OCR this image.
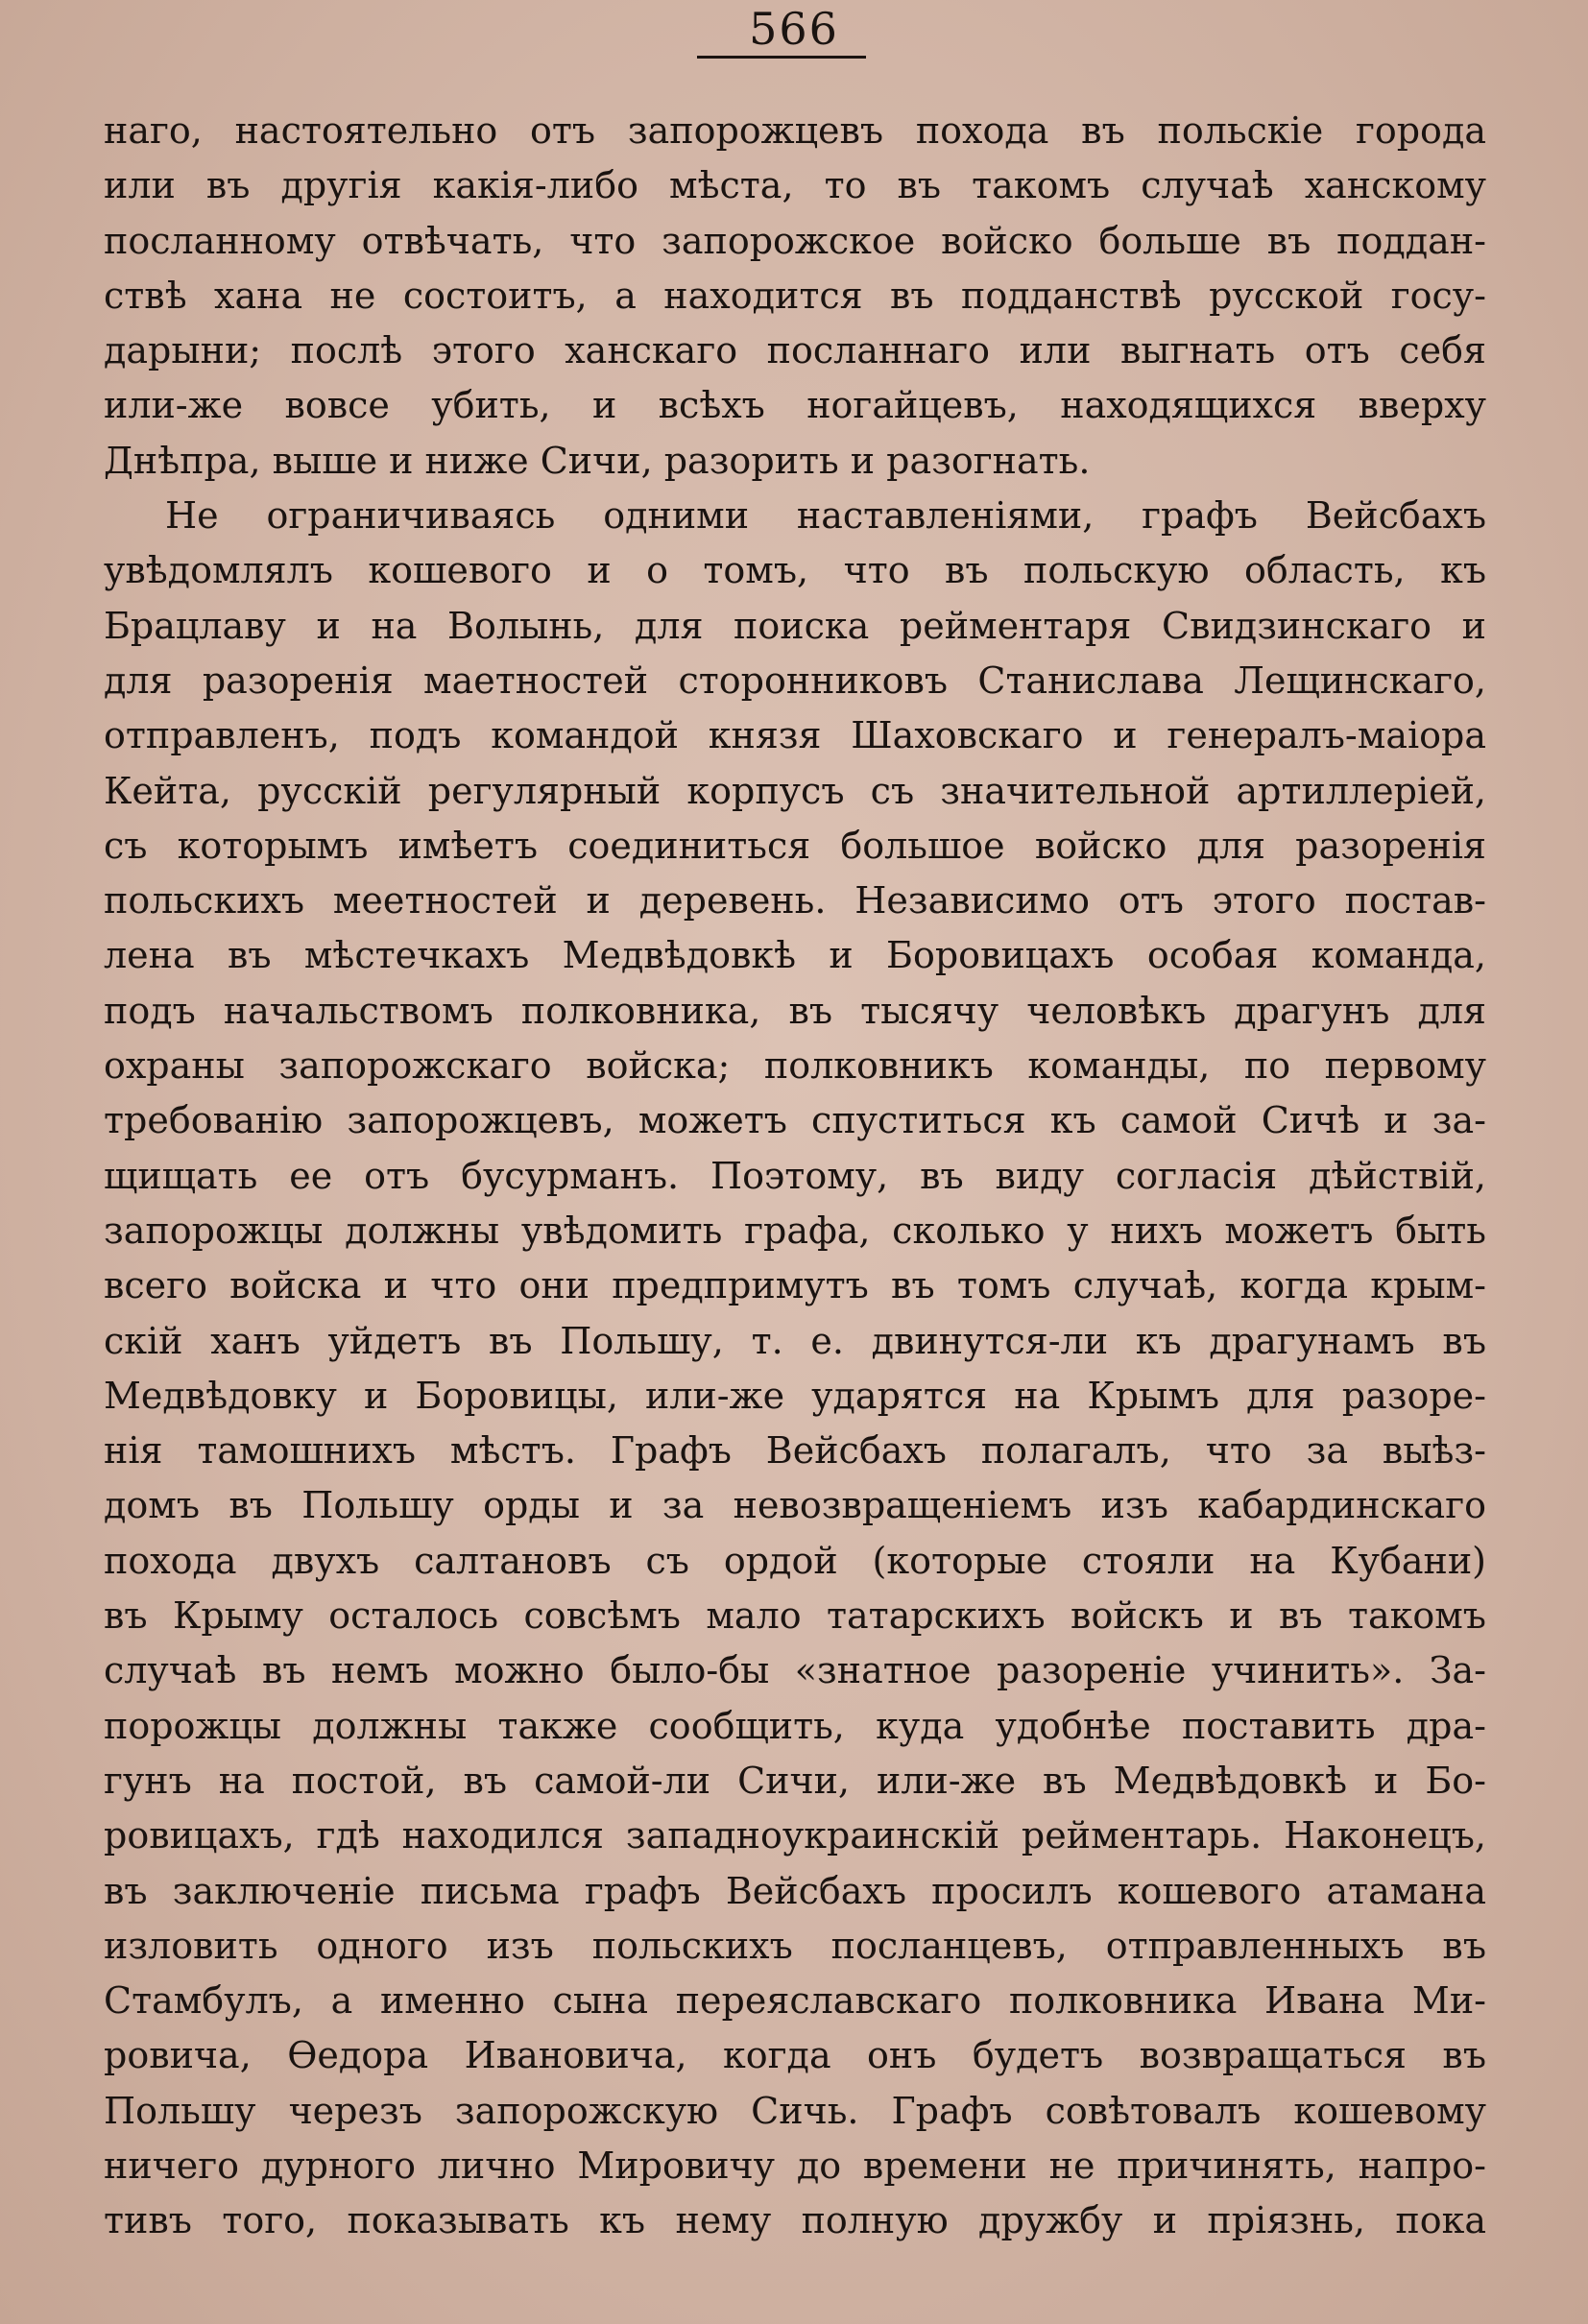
566
наго, настоятельно отъ запорожцевъ похода въ польскіе города
или въ другія какія-либо мѣста, то въ такомъ случаѣ ханскому
посланному отвѣчать, что запорожское войско больше въ поддан-
ствѣ хана не состоитъ, а находится въ подданствѣ русской госу-
дарыни; послѣ этого ханскаго посланнаго или выгнать отъ себя
или-же вовсе убить, и всѣхъ ногайцевъ, находящихся вверху
Днѣпра, выше и ниже Сичи, разорить и разогнать.
Не ограничиваясь одними наставленіями, графъ Вейсбахъ
увѣдомлялъ кошевого и о томъ, что въ польскую область, къ
Брацлаву и на Волынь, для поиска рейментаря Свидзинскаго и
для разоренія маетностей сторонниковъ Станислава Лещинскаго,
отправленъ, подъ командой князя Шаховскаго и генералъ-маіора
Кейта, русскій регулярный корпусъ съ значительной артиллеріей,
съ которымъ имѣетъ соединиться большое войско для разоренія
польскихъ меетностей и деревень. Независимо отъ этого постав-
лена въ мѣстечкахъ Медвѣдовкѣ и Боровицахъ особая команда,
подъ начальствомъ полковника, въ тысячу человѣкъ драгунъ для
охраны запорожскаго войска; полковникъ команды, по первому
требованію запорожцевъ, можетъ спуститься къ самой Сичѣ и за-
щищать ее отъ бусурманъ. Поэтому, въ виду согласія дѣйствій,
запорожцы должны увѣдомить графа, сколько у нихъ можетъ быть
всего войска и что они предпримутъ въ томъ случаѣ, когда крым-
скій ханъ уйдетъ въ Польшу, т. е. двинутся-ли къ драгунамъ въ
Медвѣдовку и Боровицы, или-же ударятся на Крымъ для разоре-
нія тамошнихъ мѣстъ. Графъ Вейсбахъ полагалъ, что за выѣз-
домъ въ Польшу орды и за невозвращеніемъ изъ кабардинскаго
похода двухъ салтановъ съ ордой (которые стояли на Кубани)
въ Крыму осталось совсѣмъ мало татарскихъ войскъ и въ такомъ
случаѣ въ немъ можно было-бы «знатное разореніе учинить». За-
порожцы должны также сообщить, куда удобнѣе поставить дра-
гунъ на постой, въ самой-ли Сичи, или-же въ Медвѣдовкѣ и Бо-
ровицахъ, гдѣ находился западноукраинскій рейментарь. Наконецъ,
въ заключеніе письма графъ Вейсбахъ просилъ кошевого атамана
изловить одного изъ польскихъ посланцевъ, отправленныхъ въ
Стамбулъ, а именно сына переяславскаго полковника Ивана Ми-
ровича, Ѳедора Ивановича, когда онъ будетъ возвращаться въ
Польшу черезъ запорожскую Сичь. Графъ совѣтовалъ кошевому
ничего дурного лично Мировичу до времени не причинять, напро-
тивъ того, показывать къ нему полную дружбу и пріязнь, пока
